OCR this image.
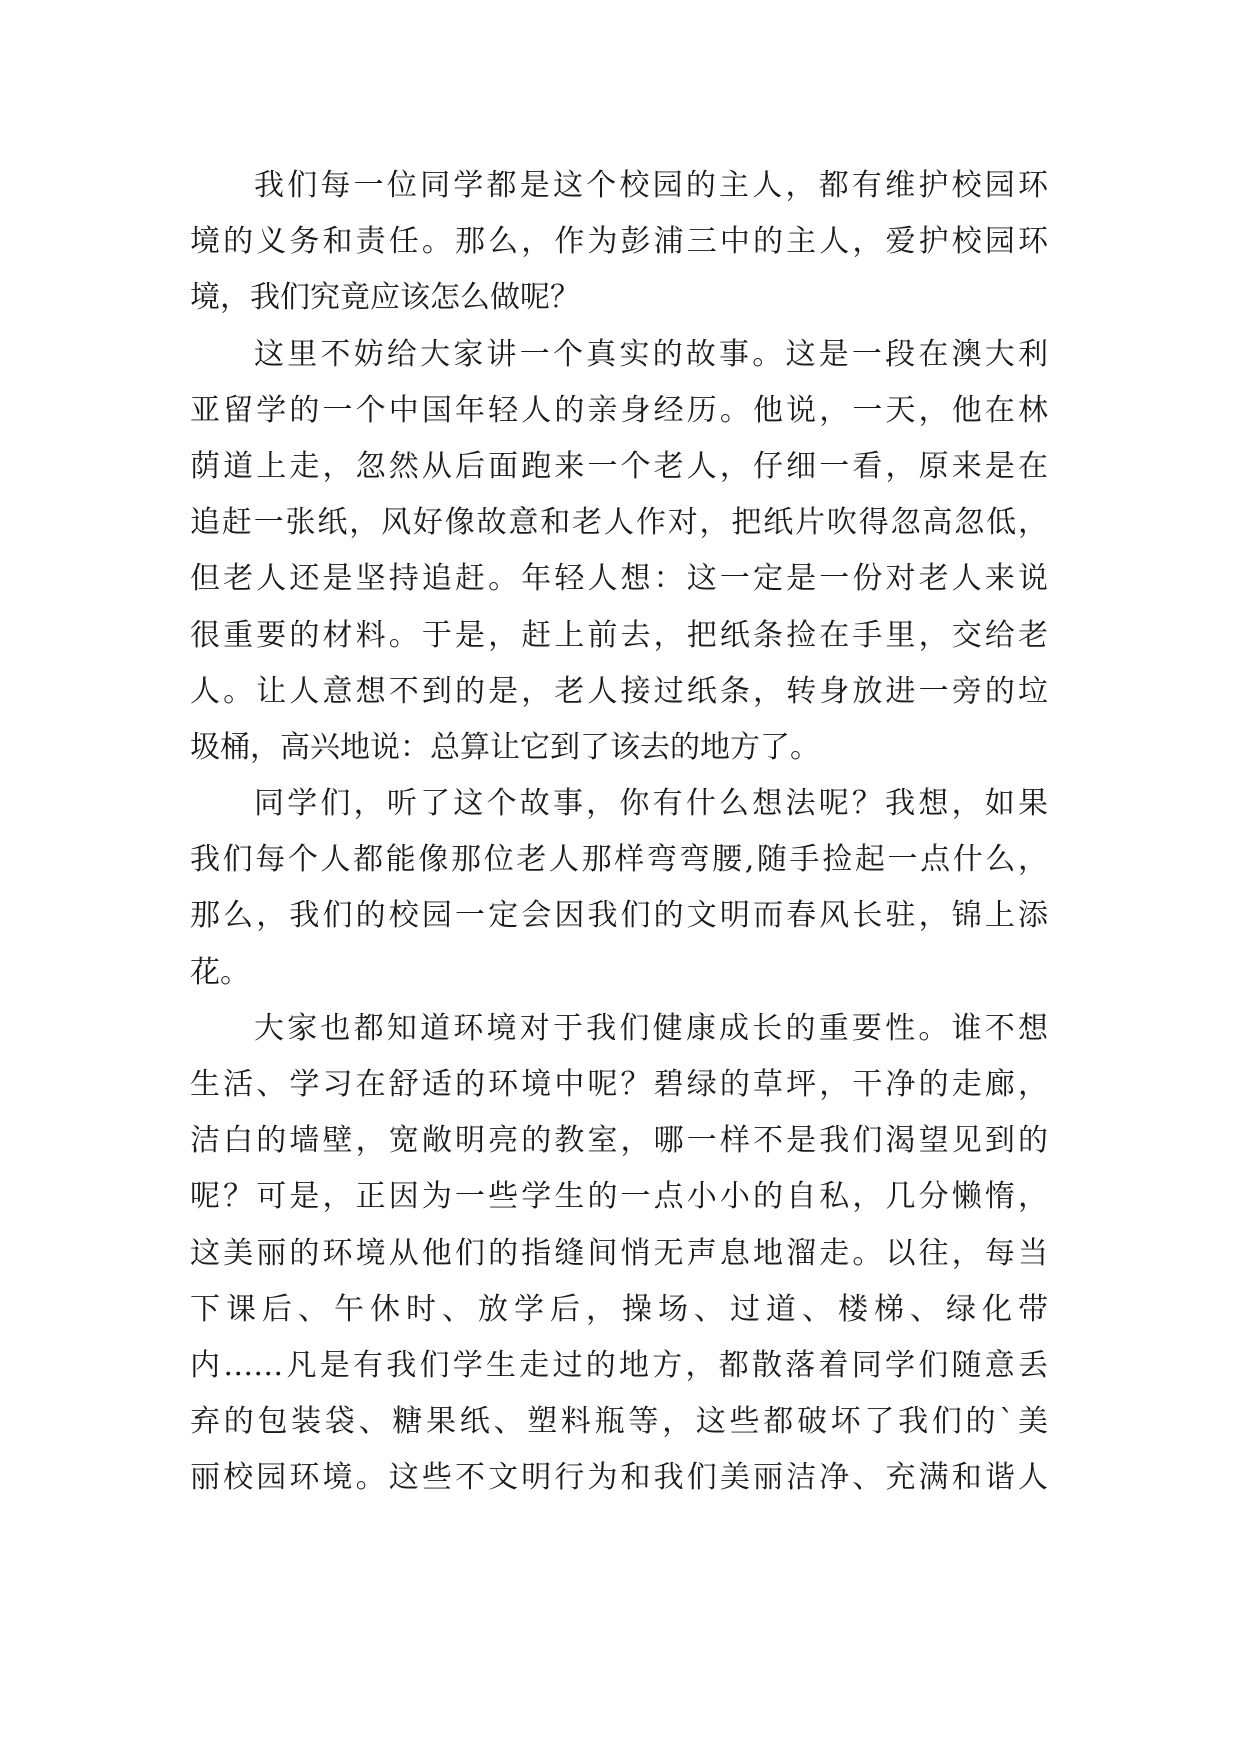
我们每一位同学都是这个校园的主人，都有维护校园环
境的义务和责任。那么，作为彭浦三中的主人，爱护校园环
境，我们究竟应该怎么做呢？
这里不妨给大家讲一个真实的故事。这是一段在澳大利
亚留学的一个中国年轻人的亲身经历。他说，一天，他在林
荫道上走，忽然从后面跑来一个老人，仔细一看，原来是在
追赶一张纸，风好像故意和老人作对，把纸片吹得忽高忽低，
但老人还是坚持追赶。年轻人想：这一定是一份对老人来说
很重要的材料。于是，赶上前去，把纸条捡在手里，交给老
人。让人意想不到的是，老人接过纸条，转身放进一旁的垃
圾桶，高兴地说：总算让它到了该去的地方了。
同学们，听了这个故事，你有什么想法呢？我想，如果
我们每个人都能像那位老人那样弯弯腰,随手捡起一点什么，
那么，我们的校园一定会因我们的文明而春风长驻，锦上添
花。
大家也都知道环境对于我们健康成长的重要性。谁不想
生活、学习在舒适的环境中呢？碧绿的草坪，干净的走廊，
洁白的墙壁，宽敞明亮的教室，哪一样不是我们渴望见到的
呢？可是，正因为一些学生的一点小小的自私，几分懒惰，
这美丽的环境从他们的指缝间悄无声息地溜走。以往，每当
下课后、午休时、放学后，操场、过道、楼梯、绿化带
内……凡是有我们学生走过的地方，都散落着同学们随意丢
弃的包装袋、糖果纸、塑料瓶等，这些都破坏了我们的`美
丽校园环境。这些不文明行为和我们美丽洁净、充满和谐人
